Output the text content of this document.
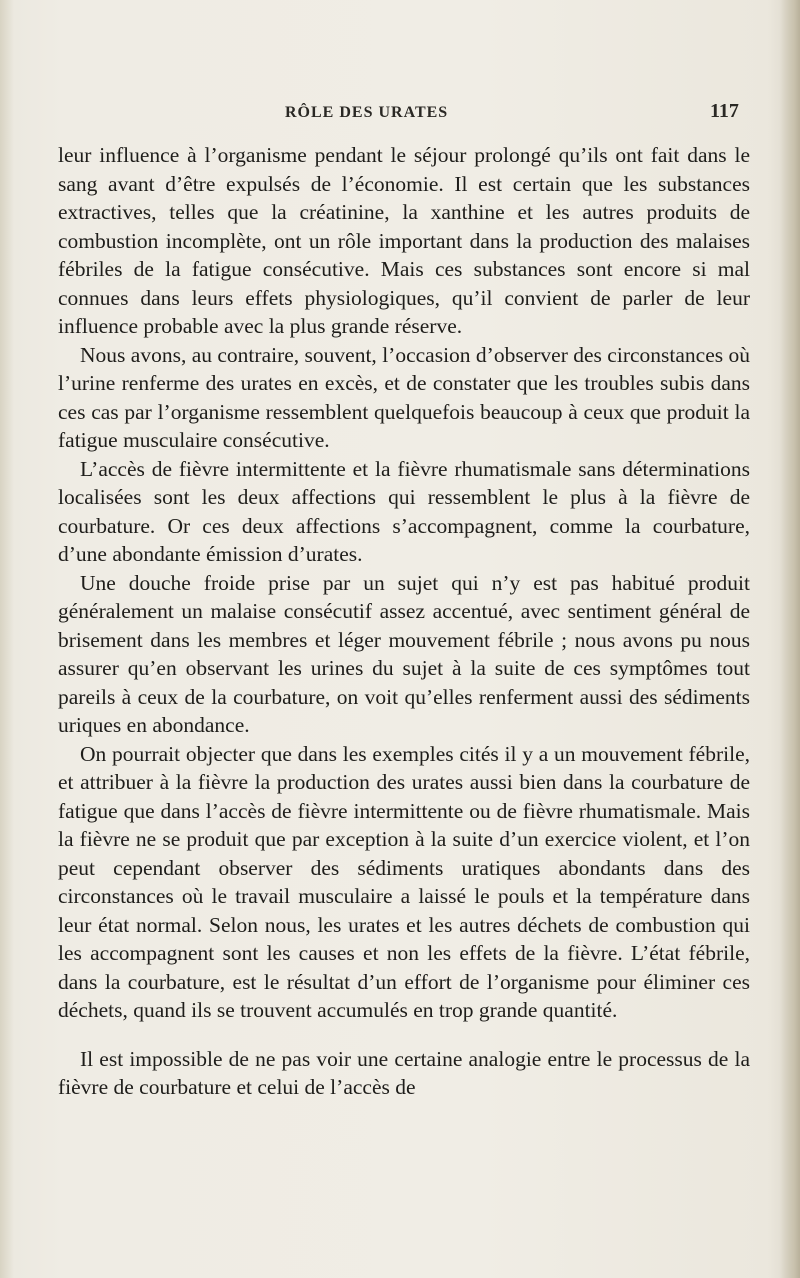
RÔLE DES URATES	117

leur influence à l’organisme pendant le séjour prolongé qu’ils ont fait dans le sang avant d’être expulsés de l’économie. Il est certain que les substances extractives, telles que la créatinine, la xanthine et les autres produits de combustion incomplète, ont un rôle important dans la production des malaises fébriles de la fatigue consécutive. Mais ces substances sont encore si mal connues dans leurs effets physiologiques, qu’il convient de parler de leur influence probable avec la plus grande réserve.

Nous avons, au contraire, souvent, l’occasion d’observer des circonstances où l’urine renferme des urates en excès, et de constater que les troubles subis dans ces cas par l’organisme ressemblent quelquefois beaucoup à ceux que produit la fatigue musculaire consécutive.

L’accès de fièvre intermittente et la fièvre rhumatismale sans déterminations localisées sont les deux affections qui ressemblent le plus à la fièvre de courbature. Or ces deux affections s’accompagnent, comme la courbature, d’une abondante émission d’urates.

Une douche froide prise par un sujet qui n’y est pas habitué produit généralement un malaise consécutif assez accentué, avec sentiment général de brisement dans les membres et léger mouvement fébrile ; nous avons pu nous assurer qu’en observant les urines du sujet à la suite de ces symptômes tout pareils à ceux de la courbature, on voit qu’elles renferment aussi des sédiments uriques en abondance.

On pourrait objecter que dans les exemples cités il y a un mouvement fébrile, et attribuer à la fièvre la production des urates aussi bien dans la courbature de fatigue que dans l’accès de fièvre intermittente ou de fièvre rhumatismale. Mais la fièvre ne se produit que par exception à la suite d’un exercice violent, et l’on peut cependant observer des sédiments uratiques abondants dans des circonstances où le travail musculaire a laissé le pouls et la température dans leur état normal. Selon nous, les urates et les autres déchets de combustion qui les accompagnent sont les causes et non les effets de la fièvre. L’état fébrile, dans la courbature, est le résultat d’un effort de l’organisme pour éliminer ces déchets, quand ils se trouvent accumulés en trop grande quantité.

Il est impossible de ne pas voir une certaine analogie entre le processus de la fièvre de courbature et celui de l’accès de
